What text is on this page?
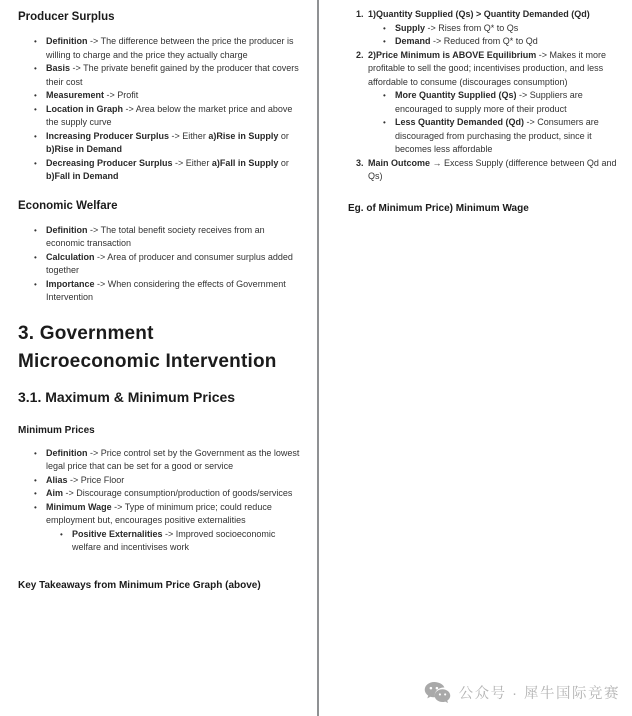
Producer Surplus
•	Definition -> The difference between the price the producer is willing to charge and the price they actually charge
•	Basis -> The private benefit gained by the producer that covers their cost
•	Measurement -> Profit
•	Location in Graph -> Area below the market price and above the supply curve
•	Increasing Producer Surplus -> Either a)Rise in Supply or b)Rise in Demand
•	Decreasing Producer Surplus -> Either a)Fall in Supply or b)Fall in Demand
Economic Welfare
•	Definition -> The total benefit society receives from an economic transaction
•	Calculation -> Area of producer and consumer surplus added together
•	Importance -> When considering the effects of Government Intervention
3. Government
Microeconomic Intervention
3.1. Maximum & Minimum Prices
Minimum Prices
•	Definition -> Price control set by the Government as the lowest legal price that can be set for a good or service
•	Alias -> Price Floor
•	Aim -> Discourage consumption/production of goods/services
•	Minimum Wage -> Type of minimum price; could reduce employment but, encourages positive externalities
•	Positive Externalities -> Improved socioeconomic welfare and incentivises work
Key Takeaways from Minimum Price Graph (above)
1. 1)Quantity Supplied (Qs) > Quantity Demanded (Qd)
•	Supply -> Rises from Q* to Qs
•	Demand -> Reduced from Q* to Qd
2. 2)Price Minimum is ABOVE Equilibrium -> Makes it more profitable to sell the good; incentivises production, and less affordable to consume (discourages consumption)
•	More Quantity Supplied (Qs) -> Suppliers are encouraged to supply more of their product
•	Less Quantity Demanded (Qd) -> Consumers are discouraged from purchasing the product, since it becomes less affordable
3. Main Outcome → Excess Supply (difference between Qd and Qs)
Eg. of Minimum Price) Minimum Wage
公众号 · 犀牛国际竞赛
